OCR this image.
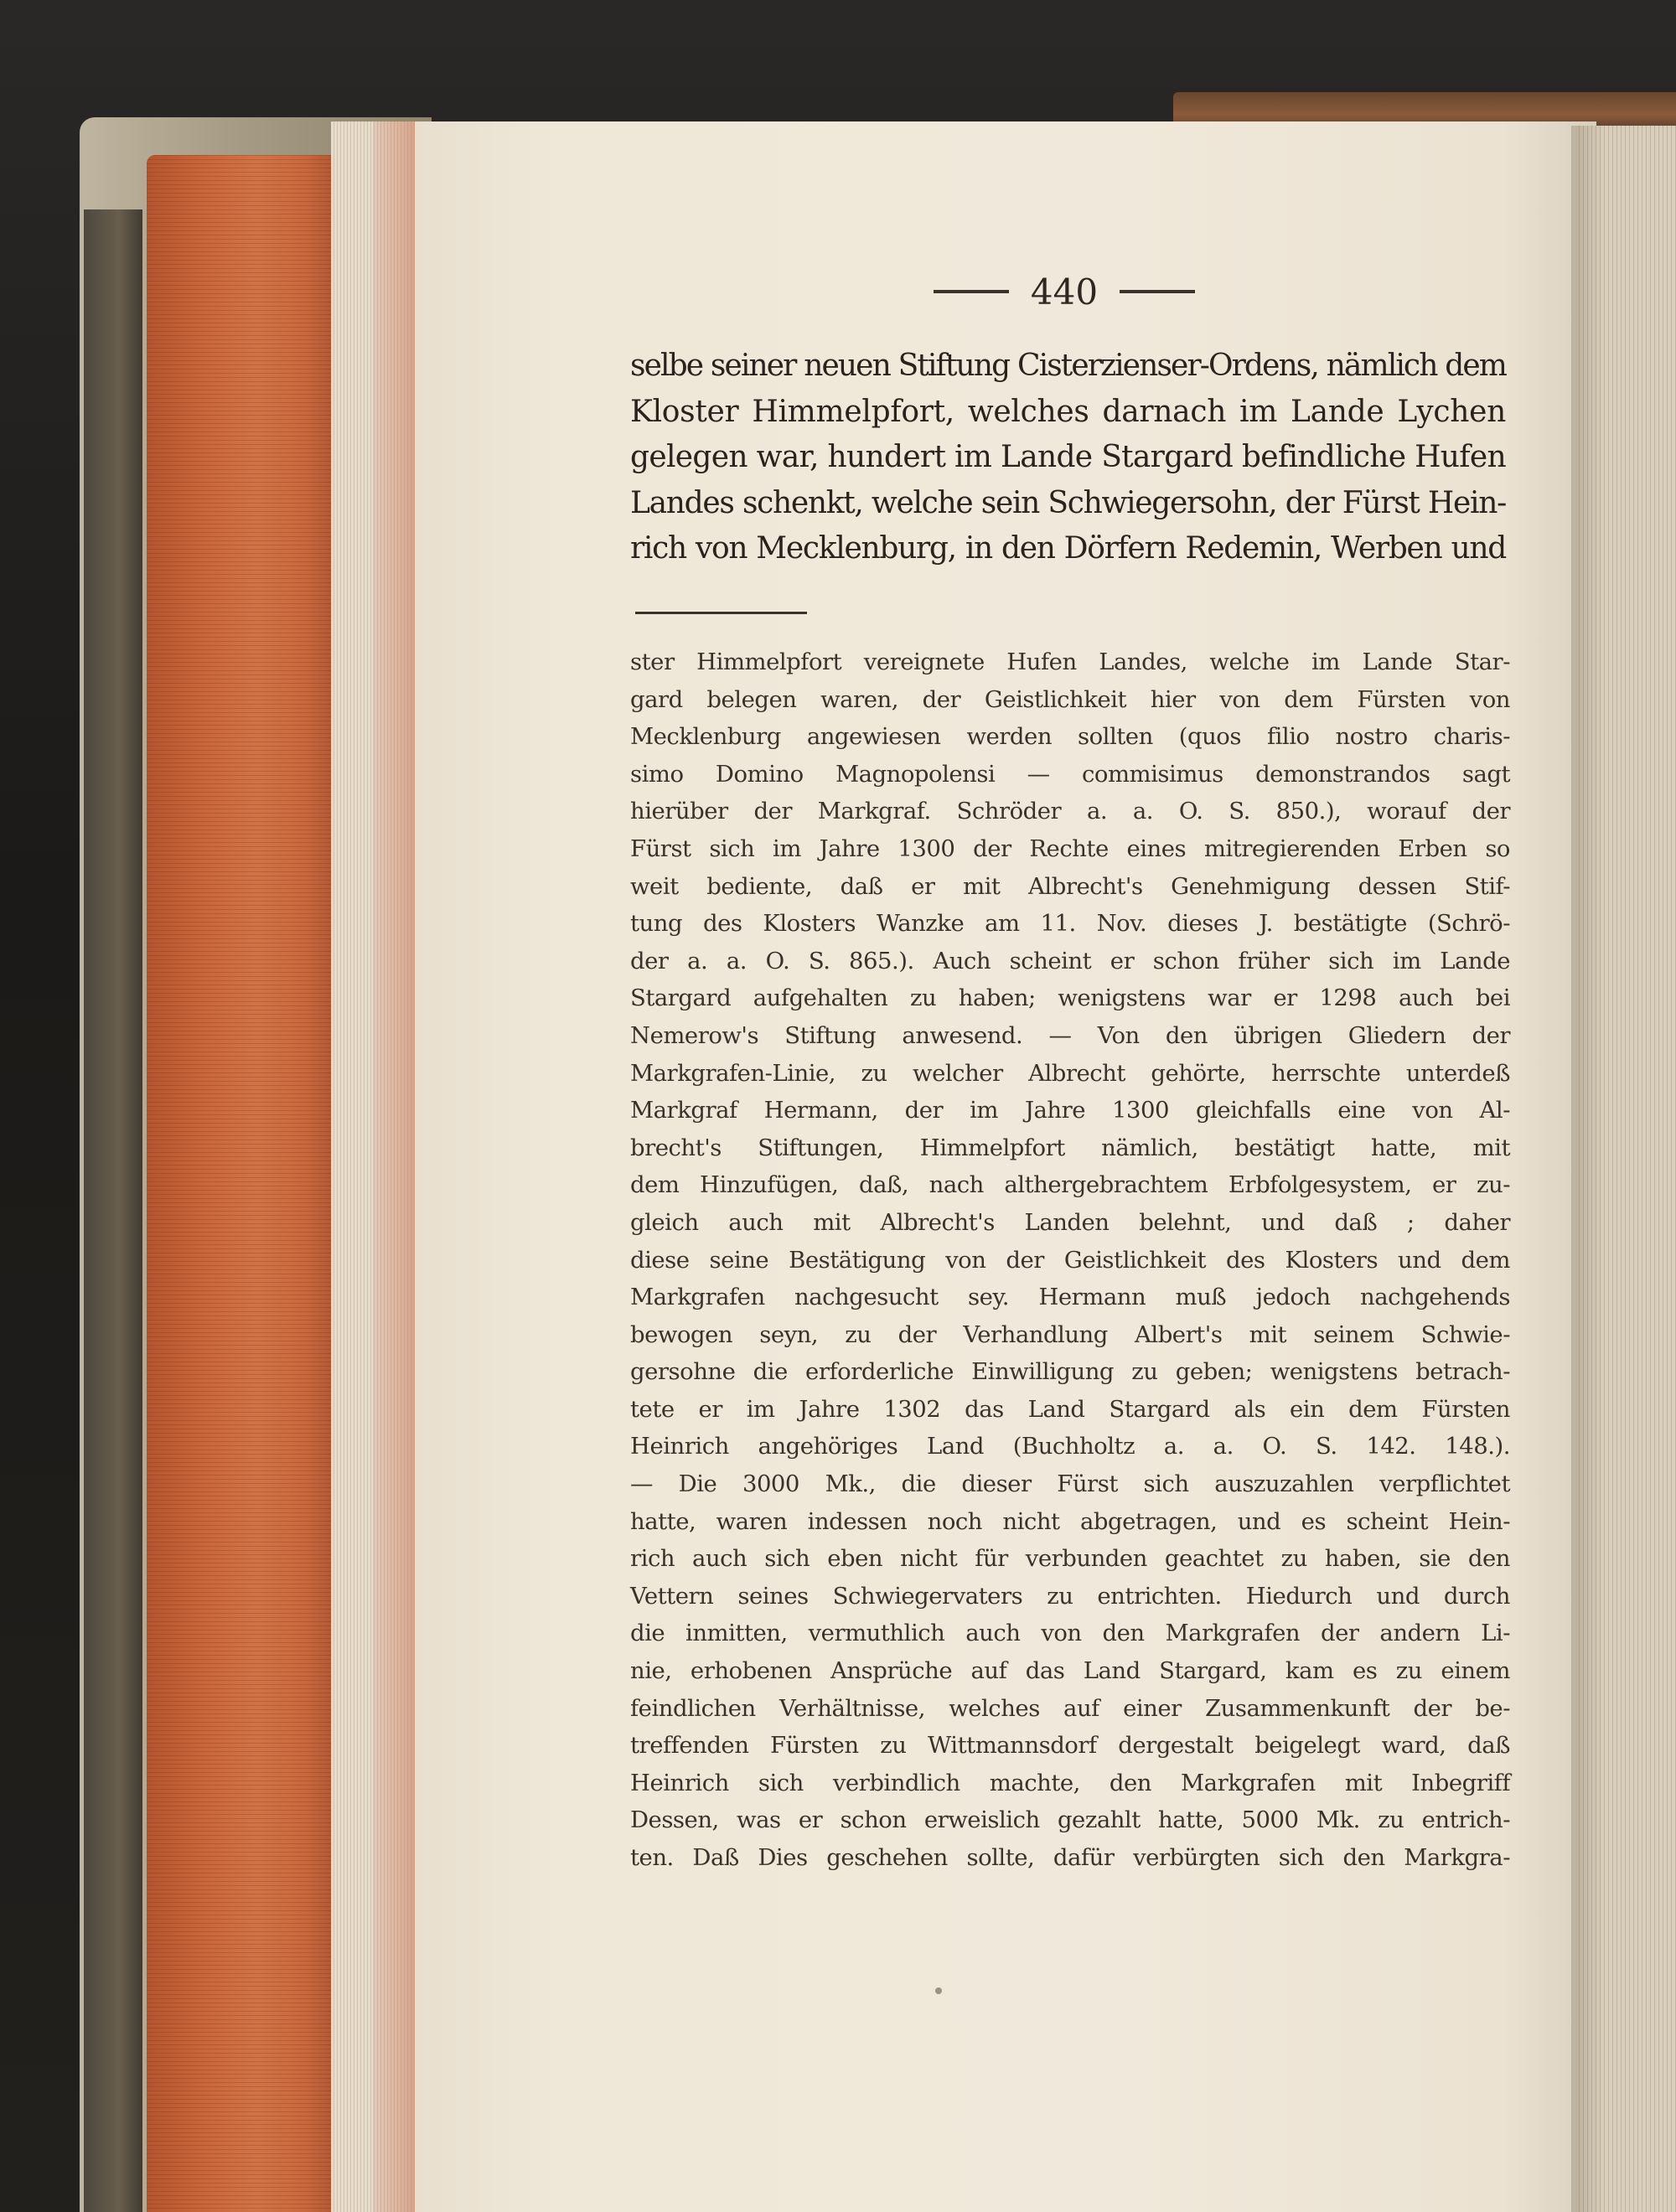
440
selbe seiner neuen Stiftung Cisterzienser-Ordens, nämlich dem
Kloster Himmelpfort, welches darnach im Lande Lychen
gelegen war, hundert im Lande Stargard befindliche Hufen
Landes schenkt, welche sein Schwiegersohn, der Fürst Hein-
rich von Mecklenburg, in den Dörfern Redemin, Werben und
ster Himmelpfort vereignete Hufen Landes, welche im Lande Star-
gard belegen waren, der Geistlichkeit hier von dem Fürsten von
Mecklenburg angewiesen werden sollten (quos filio nostro charis-
simo Domino Magnopolensi — commisimus demonstrandos sagt
hierüber der Markgraf. Schröder a. a. O. S. 850.), worauf der
Fürst sich im Jahre 1300 der Rechte eines mitregierenden Erben so
weit bediente, daß er mit Albrecht's Genehmigung dessen Stif-
tung des Klosters Wanzke am 11. Nov. dieses J. bestätigte (Schrö-
der a. a. O. S. 865.). Auch scheint er schon früher sich im Lande
Stargard aufgehalten zu haben; wenigstens war er 1298 auch bei
Nemerow's Stiftung anwesend. — Von den übrigen Gliedern der
Markgrafen-Linie, zu welcher Albrecht gehörte, herrschte unterdeß
Markgraf Hermann, der im Jahre 1300 gleichfalls eine von Al-
brecht's Stiftungen, Himmelpfort nämlich, bestätigt hatte, mit
dem Hinzufügen, daß, nach althergebrachtem Erbfolgesystem, er zu-
gleich auch mit Albrecht's Landen belehnt, und daß ; daher
diese seine Bestätigung von der Geistlichkeit des Klosters und dem
Markgrafen nachgesucht sey. Hermann muß jedoch nachgehends
bewogen seyn, zu der Verhandlung Albert's mit seinem Schwie-
gersohne die erforderliche Einwilligung zu geben; wenigstens betrach-
tete er im Jahre 1302 das Land Stargard als ein dem Fürsten
Heinrich angehöriges Land (Buchholtz a. a. O. S. 142. 148.).
— Die 3000 Mk., die dieser Fürst sich auszuzahlen verpflichtet
hatte, waren indessen noch nicht abgetragen, und es scheint Hein-
rich auch sich eben nicht für verbunden geachtet zu haben, sie den
Vettern seines Schwiegervaters zu entrichten. Hiedurch und durch
die inmitten, vermuthlich auch von den Markgrafen der andern Li-
nie, erhobenen Ansprüche auf das Land Stargard, kam es zu einem
feindlichen Verhältnisse, welches auf einer Zusammenkunft der be-
treffenden Fürsten zu Wittmannsdorf dergestalt beigelegt ward, daß
Heinrich sich verbindlich machte, den Markgrafen mit Inbegriff
Dessen, was er schon erweislich gezahlt hatte, 5000 Mk. zu entrich-
ten. Daß Dies geschehen sollte, dafür verbürgten sich den Markgra-
